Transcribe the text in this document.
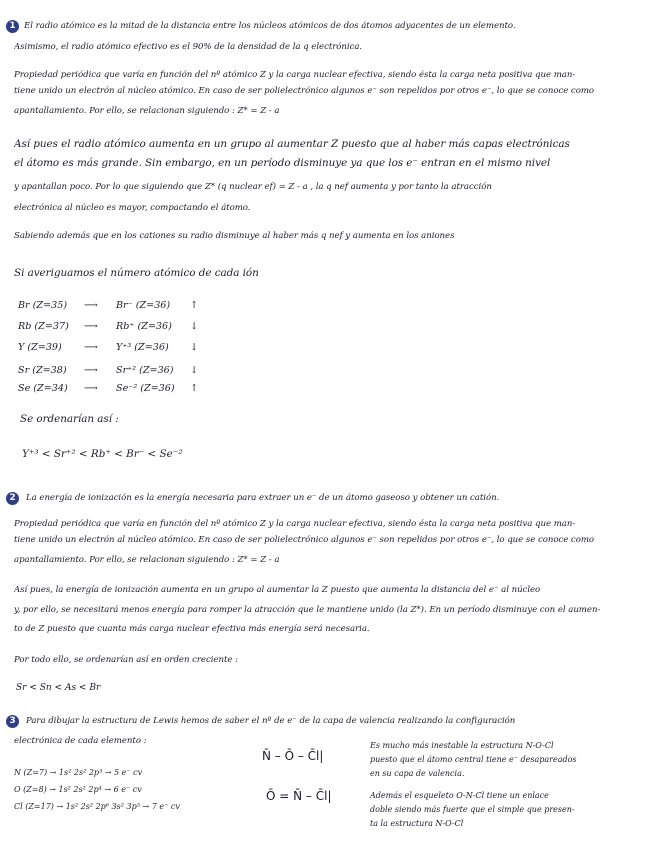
1 El radio atómico es la mitad de la distancia entre los núcleos atómicos de dos átomos adyacentes de un elemento.
Asimismo, el radio atómico efectivo es el 90% de la densidad de la q electrónica.
Propiedad periódica que varía en función del nº atómico Z y la carga nuclear efectiva, siendo ésta la carga neta positiva que man-
tiene unido un electrón al núcleo atómico. En caso de ser polielectrónico algunos e⁻ son repelidos por otros e⁻, lo que se conoce como
apantallamiento. Por ello, se relacionan siguiendo : Z* = Z - a
Así pues el radio atómico aumenta en un grupo al aumentar Z puesto que al haber más capas electrónicas
el átomo es más grande. Sin embargo, en un período disminuye ya que los e⁻ entran en el mismo nivel
y apantallan poco. Por lo que siguiendo que Z* (q nuclear ef) = Z - a , la q nef aumenta y por tanto la atracción
electrónica al núcleo es mayor, compactando el átomo.
Sabiendo además que en los cationes su radio disminuye al haber más q nef y aumenta en los aniones
Si averiguamos el número atómico de cada ión
Br (Z=35) ⟶ Br⁻ (Z=36) ↑
Rb (Z=37) ⟶ Rb⁺ (Z=36) ↓
Y (Z=39) ⟶ Y⁺³ (Z=36) ↓
Sr (Z=38) ⟶ Sr⁺² (Z=36) ↓
Se (Z=34) ⟶ Se⁻² (Z=36) ↑
Se ordenarían así :
Y⁺³ < Sr⁺² < Rb⁺ < Br⁻ < Se⁻²
2	La energía de ionización es la energía necesaria para extraer un e⁻ de un átomo gaseoso y obtener un catión.
Propiedad periódica que varía en función del nº atómico Z y la carga nuclear efectiva, siendo ésta la carga neta positiva que man-
tiene unido un electrón al núcleo atómico. En caso de ser polielectrónico algunos e⁻ son repelidos por otros e⁻, lo que se conoce como
apantallamiento. Por ello, se relacionan siguiendo : Z* = Z - a
Así pues, la energía de ionización aumenta en un grupo al aumentar la Z puesto que aumenta la distancia del e⁻ al núcleo
y, por ello, se necesitará menos energía para romper la atracción que le mantiene unido (la Z*). En un período disminuye con el aumen-
to de Z puesto que cuanta más carga nuclear efectiva más energía será necesaria.
Por todo ello, se ordenarían así en orden creciente :
Sr < Sn < As < Br
3	Para dibujar la estructura de Lewis hemos de saber el nº de e⁻ de la capa de valencia realizando la configuración
electrónica de cada elemento :
N (Z=7) → 1s² 2s² 2p³ → 5 e⁻ cv
O (Z=8) → 1s² 2s² 2p⁴ → 6 e⁻ cv
Cl (Z=17) → 1s² 2s² 2p⁶ 3s² 3p⁵ → 7 e⁻ cv
N̄ – Ō – C̄l|
Ō = N̄ – C̄l|
Es mucho más inestable la estructura N-O-Cl
puesto que el átomo central tiene e⁻ desapareados
en su capa de valencia.
Además el esqueleto O-N-Cl tiene un enlace
doble siendo más fuerte que el simple que presen-
ta la estructura N-O-Cl
